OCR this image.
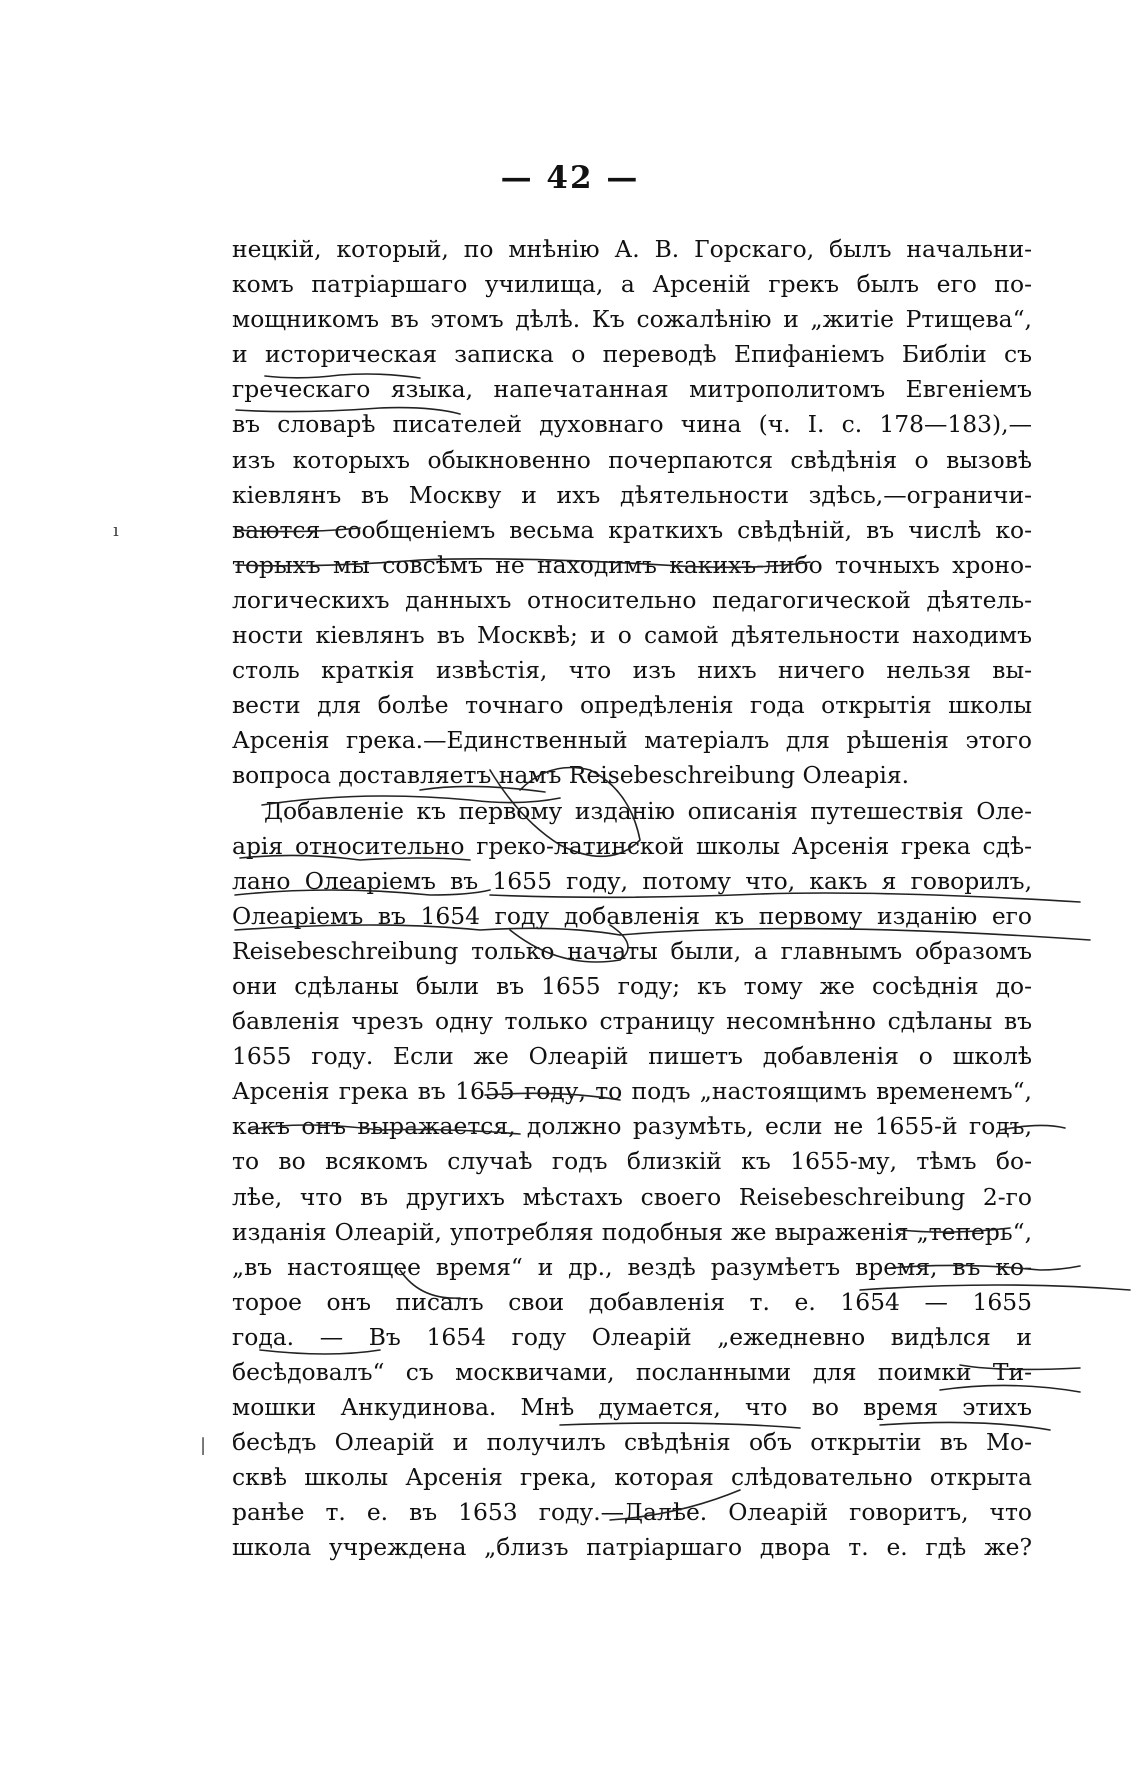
— 42 —
нецкій, который, по мнѣнію А. В. Горскаго, былъ начальни-
комъ патріаршаго училища, а Арсеній грекъ былъ его по-
мощникомъ въ этомъ дѣлѣ. Къ сожалѣнію и „житіе Ртищева“,
и историческая записка о переводѣ Епифаніемъ Библіи съ
греческаго языка, напечатанная митрополитомъ Евгеніемъ
въ словарѣ писателей духовнаго чина (ч. I. с. 178—183),—
изъ которыхъ обыкновенно почерпаются свѣдѣнія о вызовѣ
кіевлянъ въ Москву и ихъ дѣятельности здѣсь,—ограничи-
ваются сообщеніемъ весьма краткихъ свѣдѣній, въ числѣ ко-
торыхъ мы совсѣмъ не находимъ какихъ-либо точныхъ хроно-
логическихъ данныхъ относительно педагогической дѣятель-
ности кіевлянъ въ Москвѣ; и о самой дѣятельности находимъ
столь краткія извѣстія, что изъ нихъ ничего нельзя вы-
вести для болѣе точнаго опредѣленія года открытія школы
Арсенія грека.—Единственный матеріалъ для рѣшенія этого
вопроса доставляетъ намъ Reisebeschreibung Олеарія.
Добавленіе къ первому изданію описанія путешествія Оле-
арія относительно греко-латинской школы Арсенія грека сдѣ-
лано Олеаріемъ въ 1655 году, потому что, какъ я говорилъ,
Олеаріемъ въ 1654 году добавленія къ первому изданію его
Reisebeschreibung только начаты были, а главнымъ образомъ
они сдѣланы были въ 1655 году; къ тому же сосѣднія до-
бавленія чрезъ одну только страницу несомнѣнно сдѣланы въ
1655 году. Если же Олеарій пишетъ добавленія о школѣ
Арсенія грека въ 1655 году, то подъ „настоящимъ временемъ“,
какъ онъ выражается, должно разумѣть, если не 1655-й годъ,
то во всякомъ случаѣ годъ близкій къ 1655-му, тѣмъ бо-
лѣе, что въ другихъ мѣстахъ своего Reisebeschreibung 2-го
изданія Олеарій, употребляя подобныя же выраженія „теперь“,
„въ настоящее время“ и др., вездѣ разумѣетъ время, въ ко-
торое онъ писалъ свои добавленія т. е. 1654 — 1655
года. — Въ 1654 году Олеарій „ежедневно видѣлся и
бесѣдовалъ“ съ москвичами, посланными для поимки Ти-
мошки Анкудинова. Мнѣ думается, что во время этихъ
бесѣдъ Олеарій и получилъ свѣдѣнія объ открытіи въ Мо-
сквѣ школы Арсенія грека, которая слѣдовательно открыта
ранѣе т. е. въ 1653 году.—Далѣе. Олеарій говоритъ, что
школа учреждена „близъ патріаршаго двора т. е. гдѣ же?
ı
|
